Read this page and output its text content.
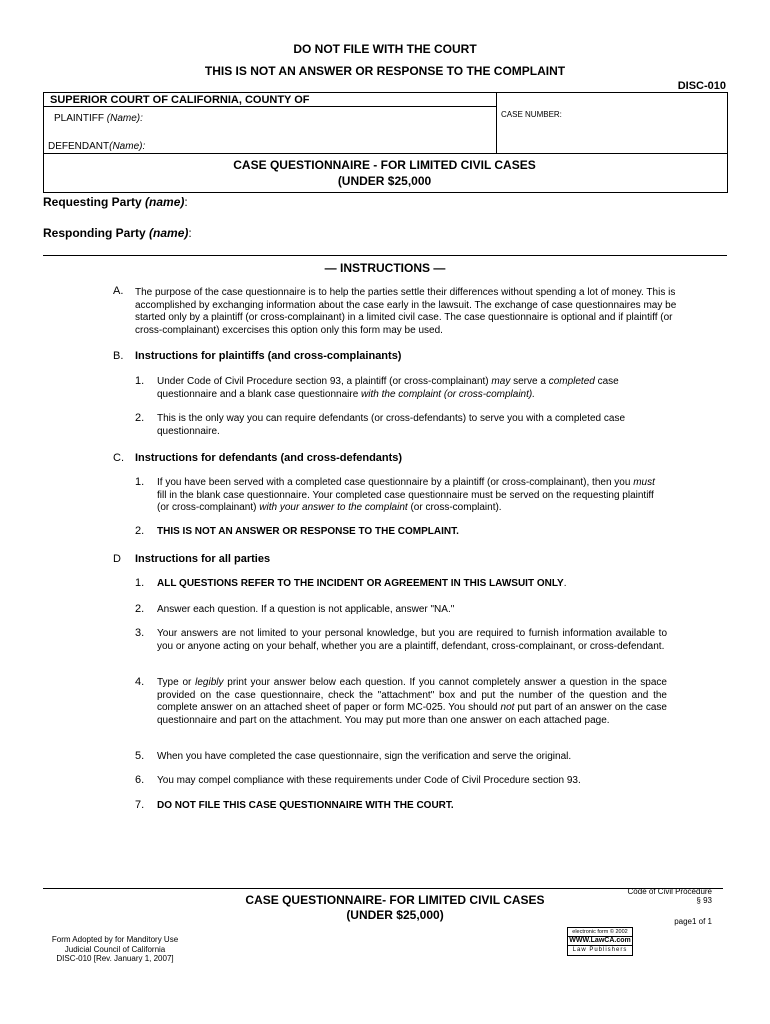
DO NOT FILE WITH THE COURT
THIS IS NOT AN ANSWER OR RESPONSE TO THE COMPLAINT
DISC-010
SUPERIOR COURT OF CALIFORNIA, COUNTY OF
PLAINTIFF (Name):	CASE NUMBER:
DEFENDANT(Name):
CASE QUESTIONNAIRE - FOR LIMITED CIVIL CASES
(UNDER $25,000
Requesting Party (name):
Responding Party (name):
— INSTRUCTIONS —
A. The purpose of the case questionnaire is to help the parties settle their differences without spending a lot of money. This is accomplished by exchanging information about the case early in the lawsuit. The exchange of case questionnaires may be started only by a plaintiff (or cross-complainant) in a limited civil case. The case questionnaire is optional and if plaintiff (or cross-complainant) excercises this option only this form may be used.
B. Instructions for plaintiffs (and cross-complainants)
1. Under Code of Civil Procedure section 93, a plaintiff (or cross-complainant) may serve a completed case questionnaire and a blank case questionnaire with the complaint (or cross-complaint).
2. This is the only way you can require defendants (or cross-defendants) to serve you with a completed case questionnaire.
C. Instructions for defendants (and cross-defendants)
1. If you have been served with a completed case questionnaire by a plaintiff (or cross-complainant), then you must fill in the blank case questionnaire. Your completed case questionnaire must be served on the requesting plaintiff (or cross-complainant) with your answer to the complaint (or cross-complaint).
2. THIS IS NOT AN ANSWER OR RESPONSE TO THE COMPLAINT.
D Instructions for all parties
1. ALL QUESTIONS REFER TO THE INCIDENT OR AGREEMENT IN THIS LAWSUIT ONLY.
2. Answer each question. If a question is not applicable, answer "NA."
3. Your answers are not limited to your personal knowledge, but you are required to furnish information available to you or anyone acting on your behalf, whether you are a plaintiff, defendant, cross-complainant, or cross-defendant.
4. Type or legibly print your answer below each question. If you cannot completely answer a question in the space provided on the case questionnaire, check the "attachment" box and put the number of the question and the complete answer on an attached sheet of paper or form MC-025. You should not put part of an answer on the case questionnaire and part on the attachment. You may put more than one answer on each attached page.
5. When you have completed the case questionnaire, sign the verification and serve the original.
6. You may compel compliance with these requirements under Code of Civil Procedure section 93.
7. DO NOT FILE THIS CASE QUESTIONNAIRE WITH THE COURT.
Code of Civil Procedure
§ 93
CASE QUESTIONNAIRE- FOR LIMITED CIVIL CASES
(UNDER $25,000)	page1 of 1
Form Adopted by for Manditory Use
Judicial Council of California
DISC-010 [Rev. January 1, 2007]
electronic form © 2002
WWW.LawCA.com
Law Publishers
